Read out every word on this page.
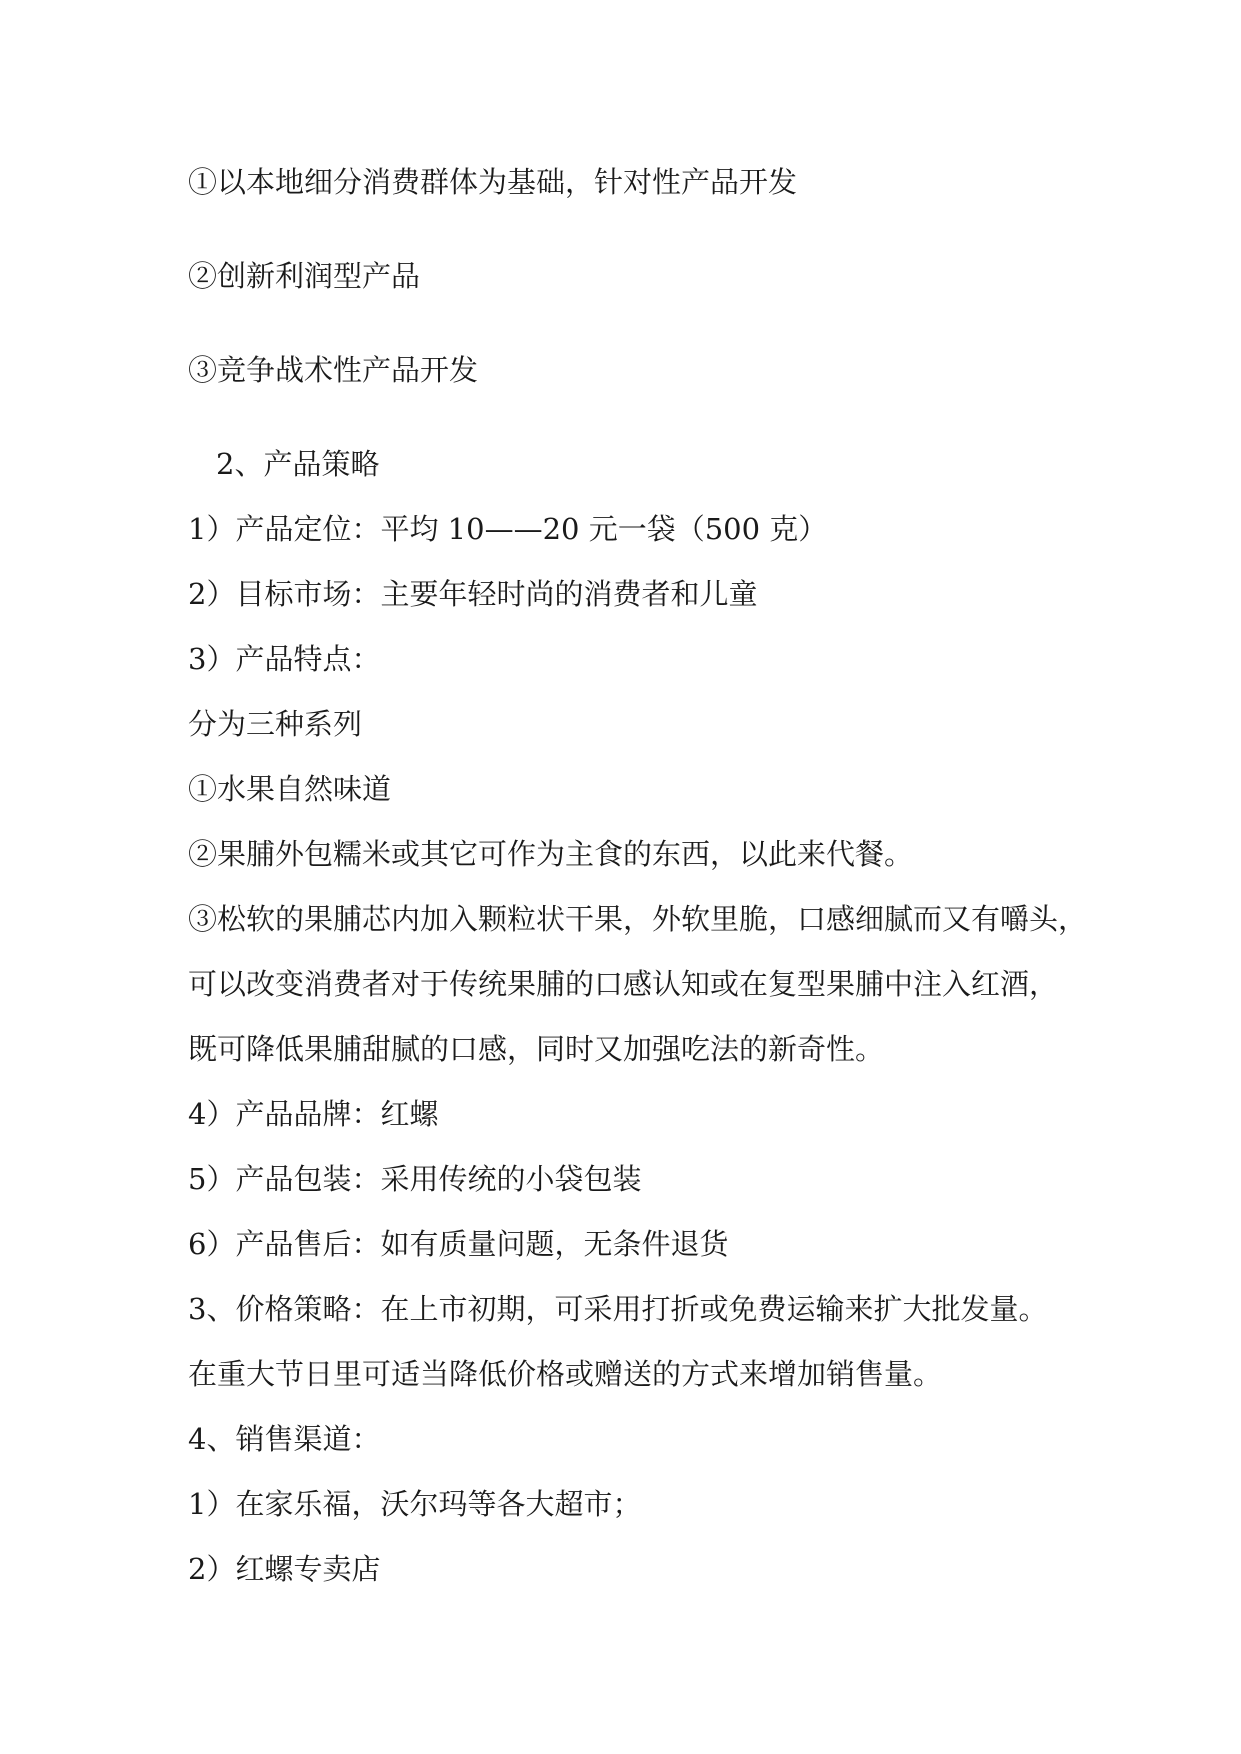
①以本地细分消费群体为基础，针对性产品开发

②创新利润型产品

③竞争战术性产品开发

2、产品策略

1）产品定位：平均 10——20 元一袋（500 克）

2）目标市场：主要年轻时尚的消费者和儿童

3）产品特点：

分为三种系列

①水果自然味道

②果脯外包糯米或其它可作为主食的东西，以此来代餐。

③松软的果脯芯内加入颗粒状干果，外软里脆，口感细腻而又有嚼头，

可以改变消费者对于传统果脯的口感认知或在复型果脯中注入红酒，

既可降低果脯甜腻的口感，同时又加强吃法的新奇性。

4）产品品牌：红螺

5）产品包装：采用传统的小袋包装

6）产品售后：如有质量问题，无条件退货

3、价格策略：在上市初期，可采用打折或免费运输来扩大批发量。

在重大节日里可适当降低价格或赠送的方式来增加销售量。

4、销售渠道：

1）在家乐福，沃尔玛等各大超市；

2）红螺专卖店
